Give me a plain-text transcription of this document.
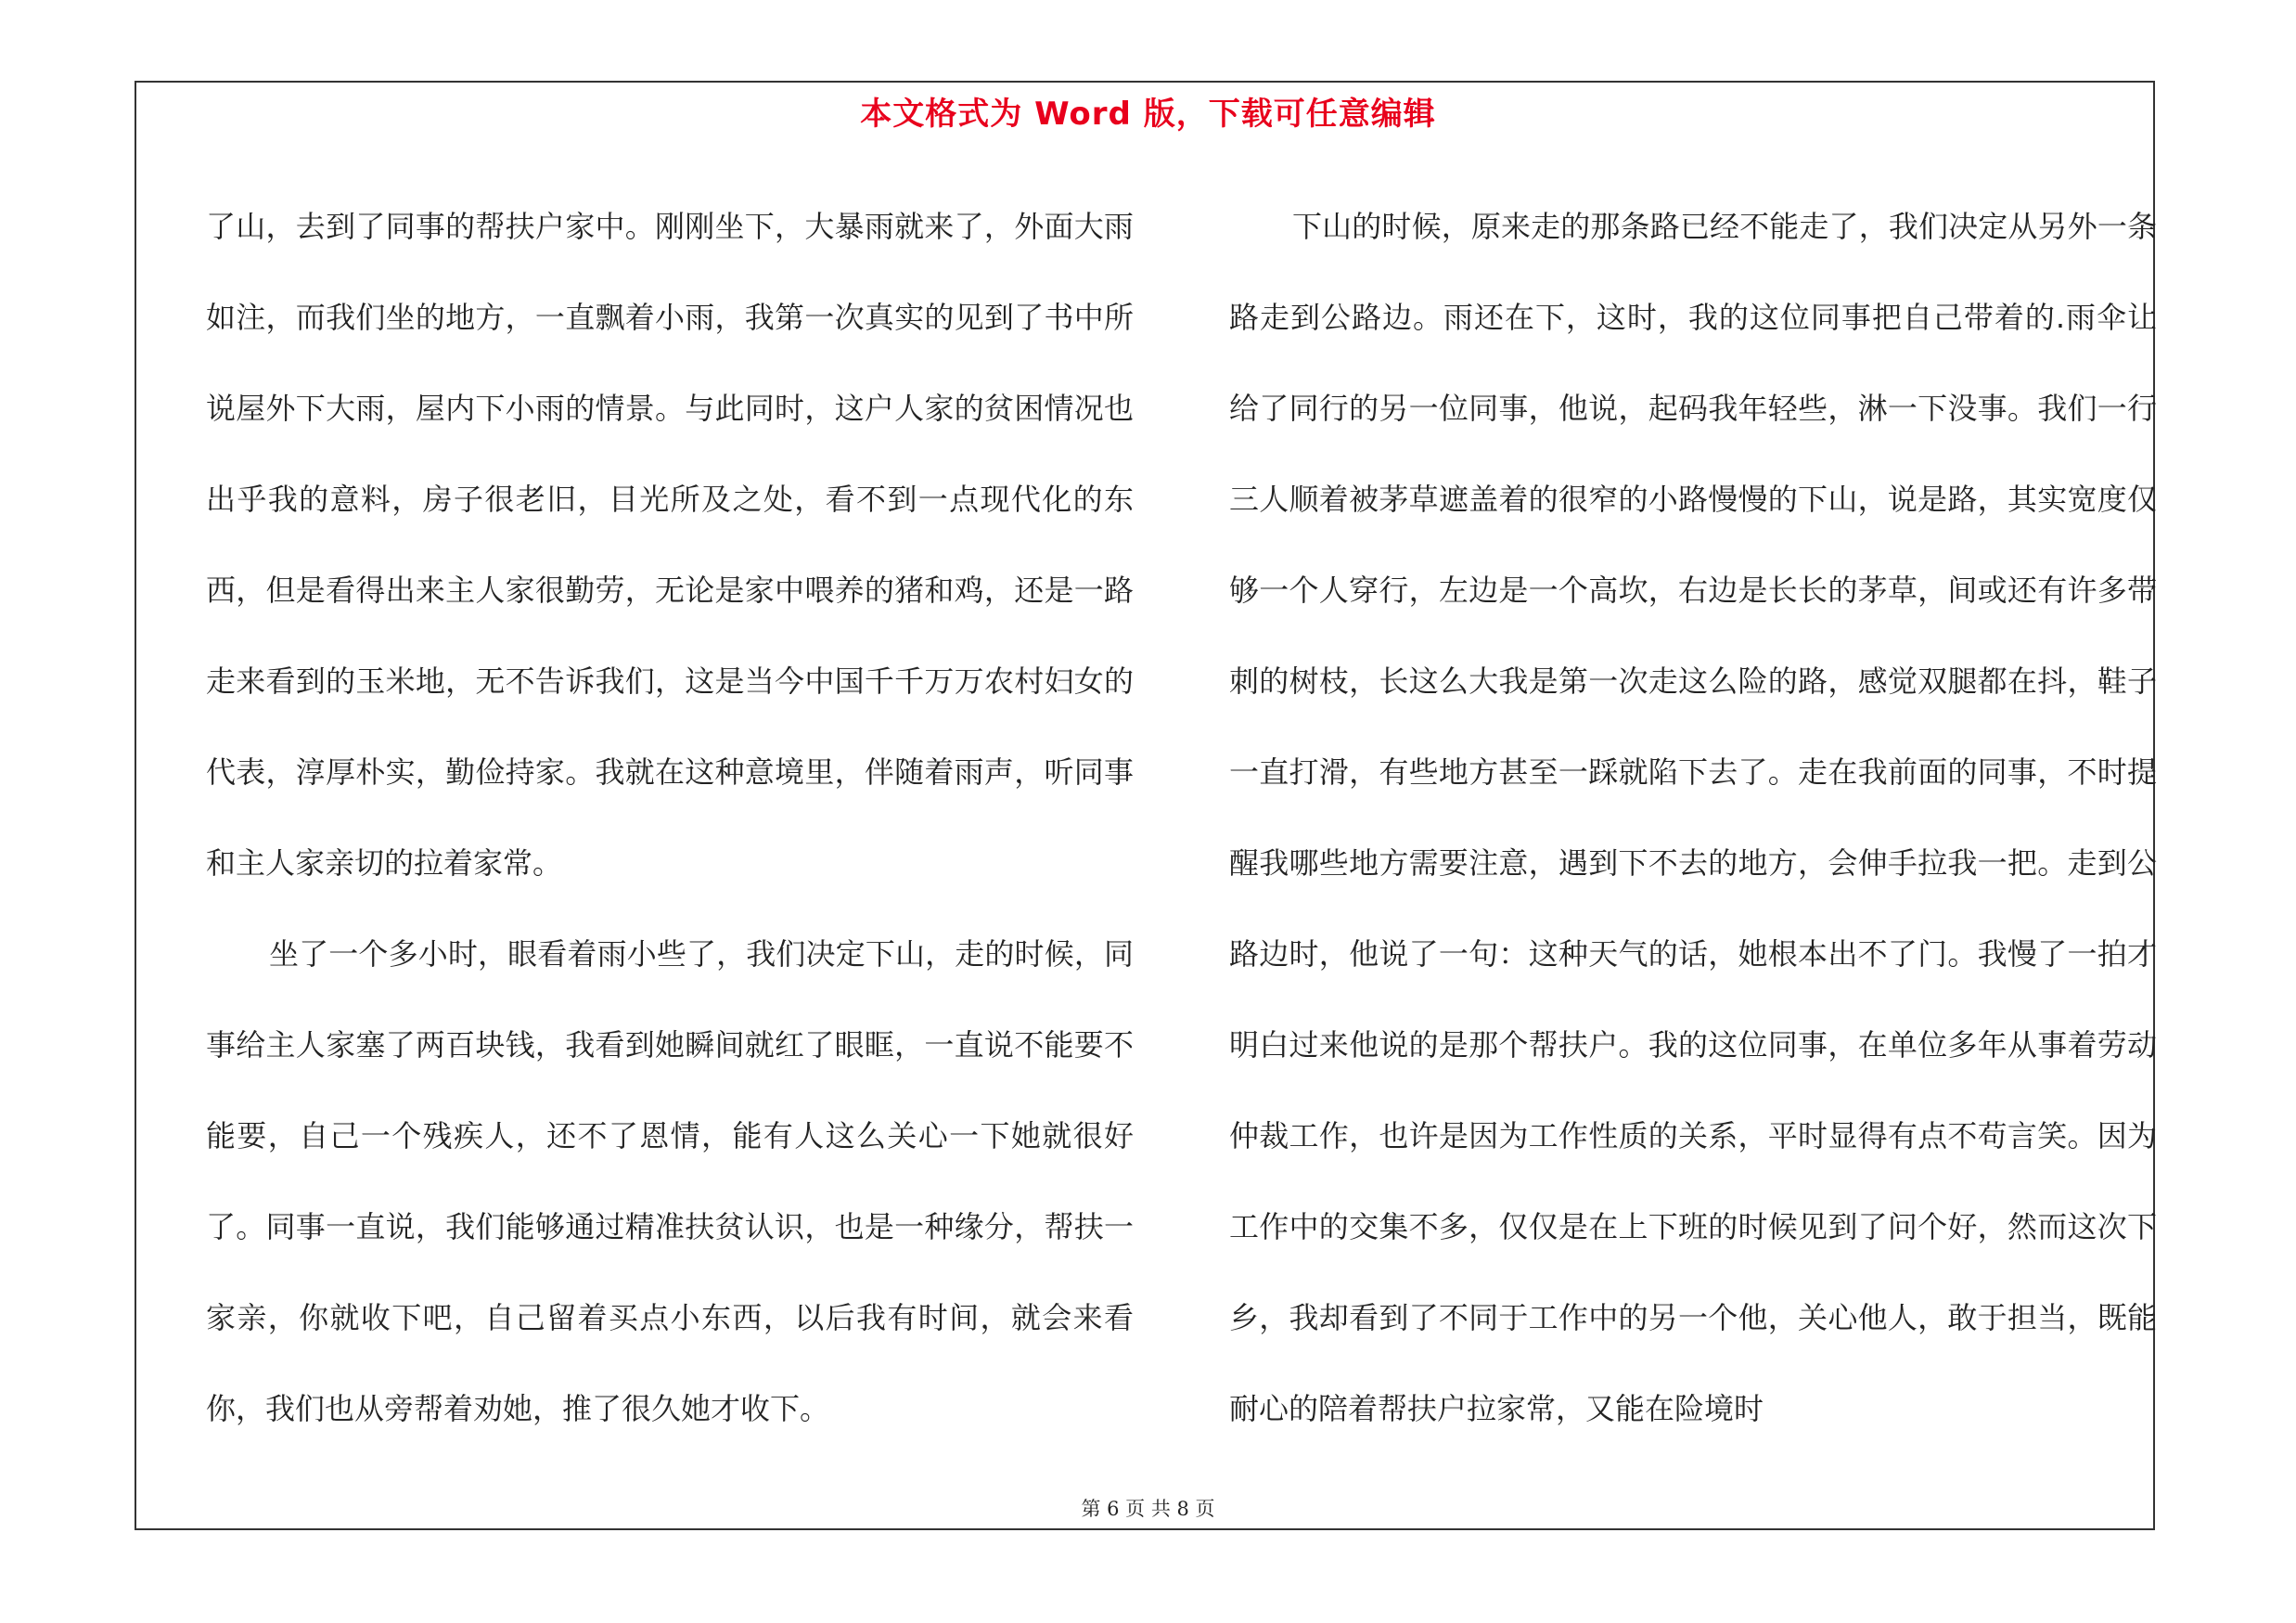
本文格式为 Word 版，下载可任意编辑

了山，去到了同事的帮扶户家中。刚刚坐下，大暴雨就来了，外面大雨如注，而我们坐的地方，一直飘着小雨，我第一次真实的见到了书中所说屋外下大雨，屋内下小雨的情景。与此同时，这户人家的贫困情况也出乎我的意料，房子很老旧，目光所及之处，看不到一点现代化的东西，但是看得出来主人家很勤劳，无论是家中喂养的猪和鸡，还是一路走来看到的玉米地，无不告诉我们，这是当今中国千千万万农村妇女的代表，淳厚朴实，勤俭持家。我就在这种意境里，伴随着雨声，听同事和主人家亲切的拉着家常。

坐了一个多小时，眼看着雨小些了，我们决定下山，走的时候，同事给主人家塞了两百块钱，我看到她瞬间就红了眼眶，一直说不能要不能要，自己一个残疾人，还不了恩情，能有人这么关心一下她就很好了。同事一直说，我们能够通过精准扶贫认识，也是一种缘分，帮扶一家亲，你就收下吧，自己留着买点小东西，以后我有时间，就会来看你，我们也从旁帮着劝她，推了很久她才收下。

下山的时候，原来走的那条路已经不能走了，我们决定从另外一条路走到公路边。雨还在下，这时，我的这位同事把自己带着的.雨伞让给了同行的另一位同事，他说，起码我年轻些，淋一下没事。我们一行三人顺着被茅草遮盖着的很窄的小路慢慢的下山，说是路，其实宽度仅够一个人穿行，左边是一个高坎，右边是长长的茅草，间或还有许多带刺的树枝，长这么大我是第一次走这么险的路，感觉双腿都在抖，鞋子一直打滑，有些地方甚至一踩就陷下去了。走在我前面的同事，不时提醒我哪些地方需要注意，遇到下不去的地方，会伸手拉我一把。走到公路边时，他说了一句：这种天气的话，她根本出不了门。我慢了一拍才明白过来他说的是那个帮扶户。我的这位同事，在单位多年从事着劳动仲裁工作，也许是因为工作性质的关系，平时显得有点不苟言笑。因为工作中的交集不多，仅仅是在上下班的时候见到了问个好，然而这次下乡，我却看到了不同于工作中的另一个他，关心他人，敢于担当，既能耐心的陪着帮扶户拉家常，又能在险境时

第 6 页 共 8 页
